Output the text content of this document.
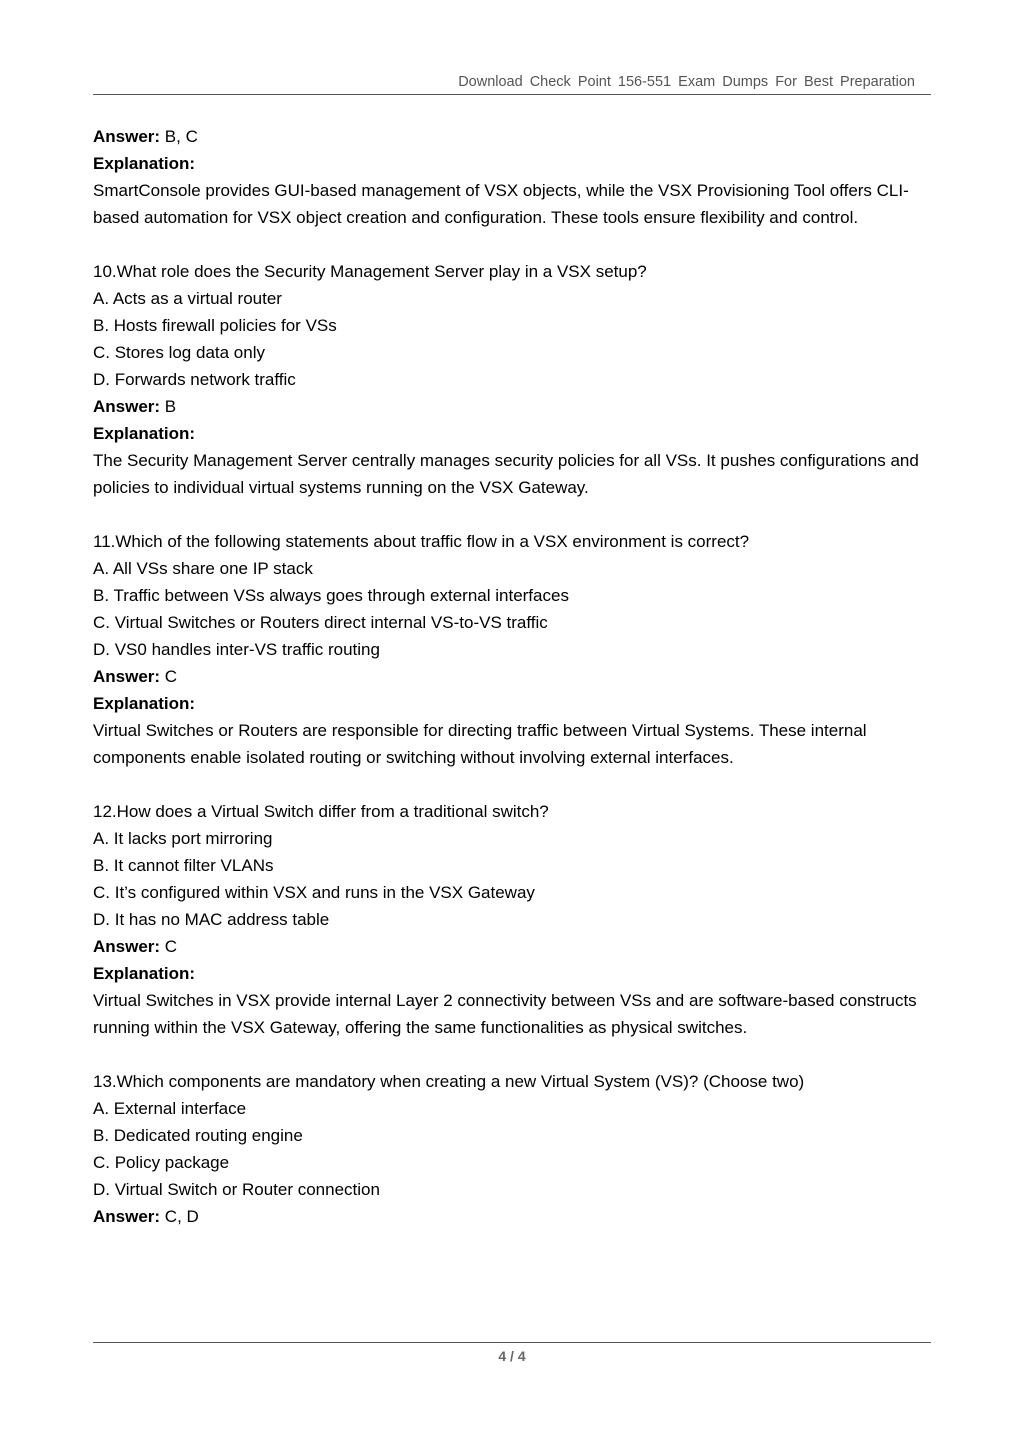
Download Check Point 156-551 Exam Dumps For Best Preparation
Answer: B, C
Explanation:
SmartConsole provides GUI-based management of VSX objects, while the VSX Provisioning Tool offers CLI-based automation for VSX object creation and configuration. These tools ensure flexibility and control.
10.What role does the Security Management Server play in a VSX setup?
A. Acts as a virtual router
B. Hosts firewall policies for VSs
C. Stores log data only
D. Forwards network traffic
Answer: B
Explanation:
The Security Management Server centrally manages security policies for all VSs. It pushes configurations and policies to individual virtual systems running on the VSX Gateway.
11.Which of the following statements about traffic flow in a VSX environment is correct?
A. All VSs share one IP stack
B. Traffic between VSs always goes through external interfaces
C. Virtual Switches or Routers direct internal VS-to-VS traffic
D. VS0 handles inter-VS traffic routing
Answer: C
Explanation:
Virtual Switches or Routers are responsible for directing traffic between Virtual Systems. These internal components enable isolated routing or switching without involving external interfaces.
12.How does a Virtual Switch differ from a traditional switch?
A. It lacks port mirroring
B. It cannot filter VLANs
C. It’s configured within VSX and runs in the VSX Gateway
D. It has no MAC address table
Answer: C
Explanation:
Virtual Switches in VSX provide internal Layer 2 connectivity between VSs and are software-based constructs running within the VSX Gateway, offering the same functionalities as physical switches.
13.Which components are mandatory when creating a new Virtual System (VS)? (Choose two)
A. External interface
B. Dedicated routing engine
C. Policy package
D. Virtual Switch or Router connection
Answer: C, D
4 / 4
